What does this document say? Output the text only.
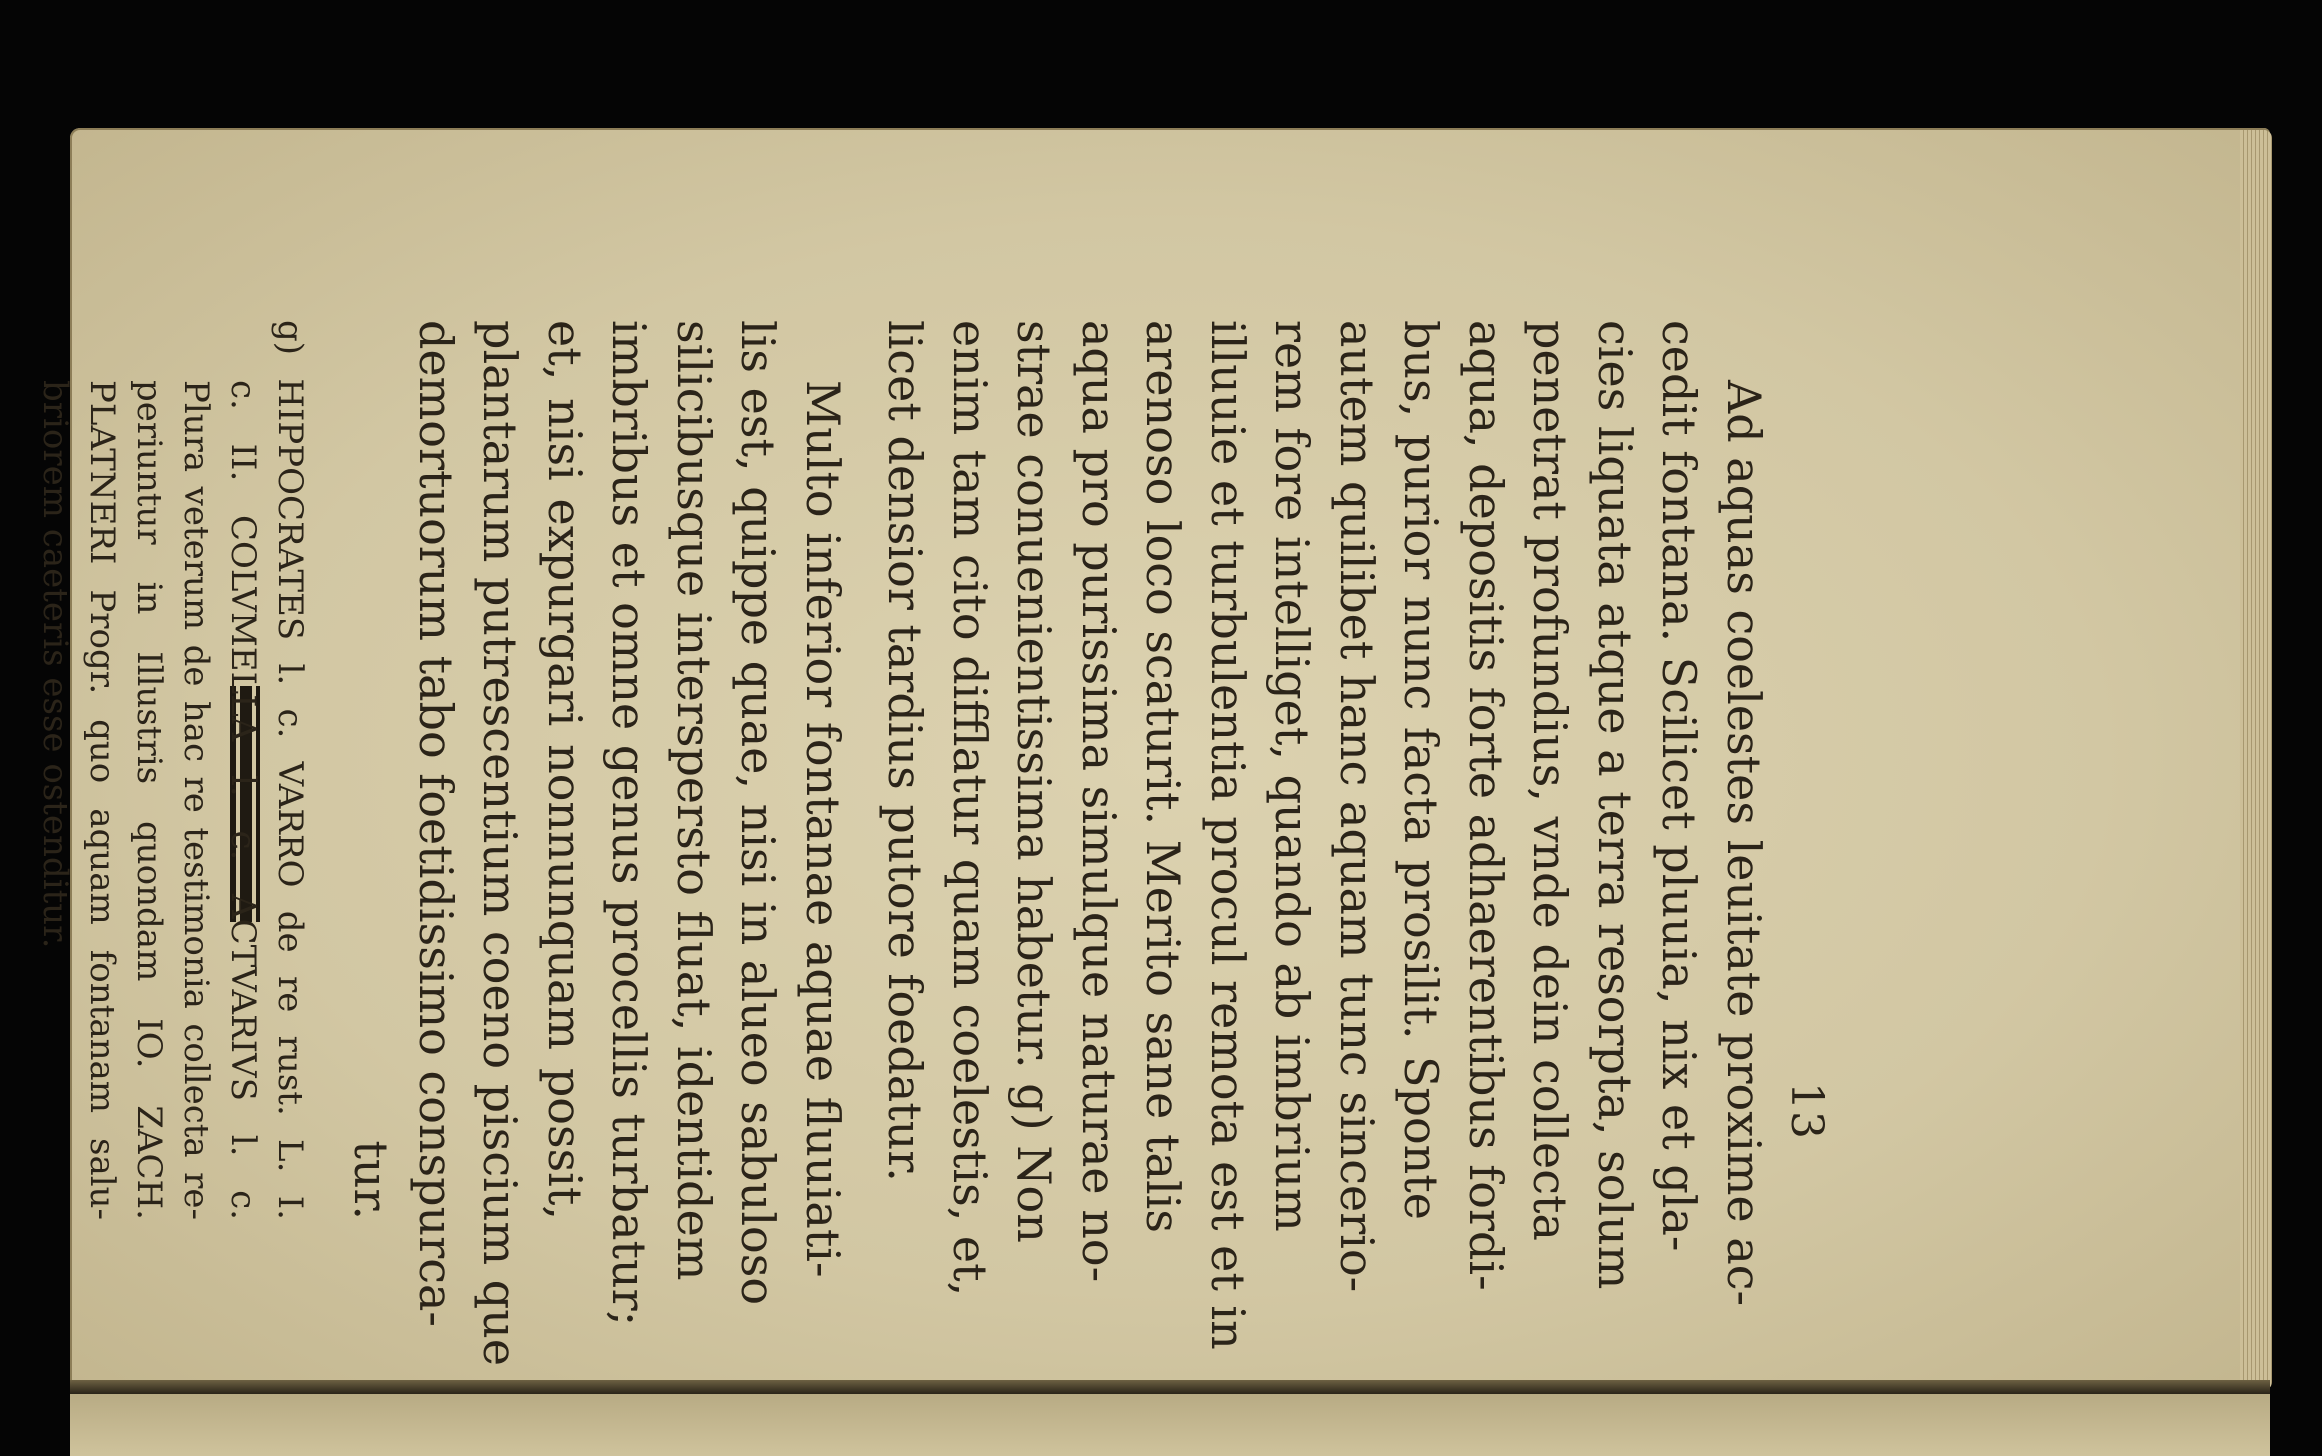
13
Ad aquas coelestes leuitate proxime ac-
cedit fontana. Scilicet pluuia, nix et gla-
cies liquata atque a terra resorpta, solum
penetrat profundius, vnde dein collecta
aqua, depositis forte adhaerentibus fordi-
bus, purior nunc facta prosilit. Sponte
autem quilibet hanc aquam tunc sincerio-
rem fore intelliget, quando ab imbrium
illuuie et turbulentia procul remota est et in
arenoso loco scaturit. Merito sane talis
aqua pro purissima simulque naturae no-
strae conuenientissima habetur. g) Non
enim tam cito difflatur quam coelestis, et,
licet densior tardius putore foedatur.
Multo inferior fontanae aquae fluuiati-
lis est, quippe quae, nisi in alueo sabuloso
silicibusque interspersto fluat, identidem
imbribus et omne genus procellis turbatur;
et, nisi expurgari nonnunquam possit,
plantarum putrescentium coeno piscium que
demortuorum tabo foetidissimo conspurca-
tur.
g) HIPPOCRATES l. c. VARRO de re rust. L. I.
c. II. COLVMELLA l. c. ACTVARIVS l. c.
Plura veterum de hac re testimonia collecta re-
periuntur in Illustris quondam IO. ZACH.
PLATNERI Progr. quo aquam fontanam salu-
briorem caeteris esse ostenditur.
